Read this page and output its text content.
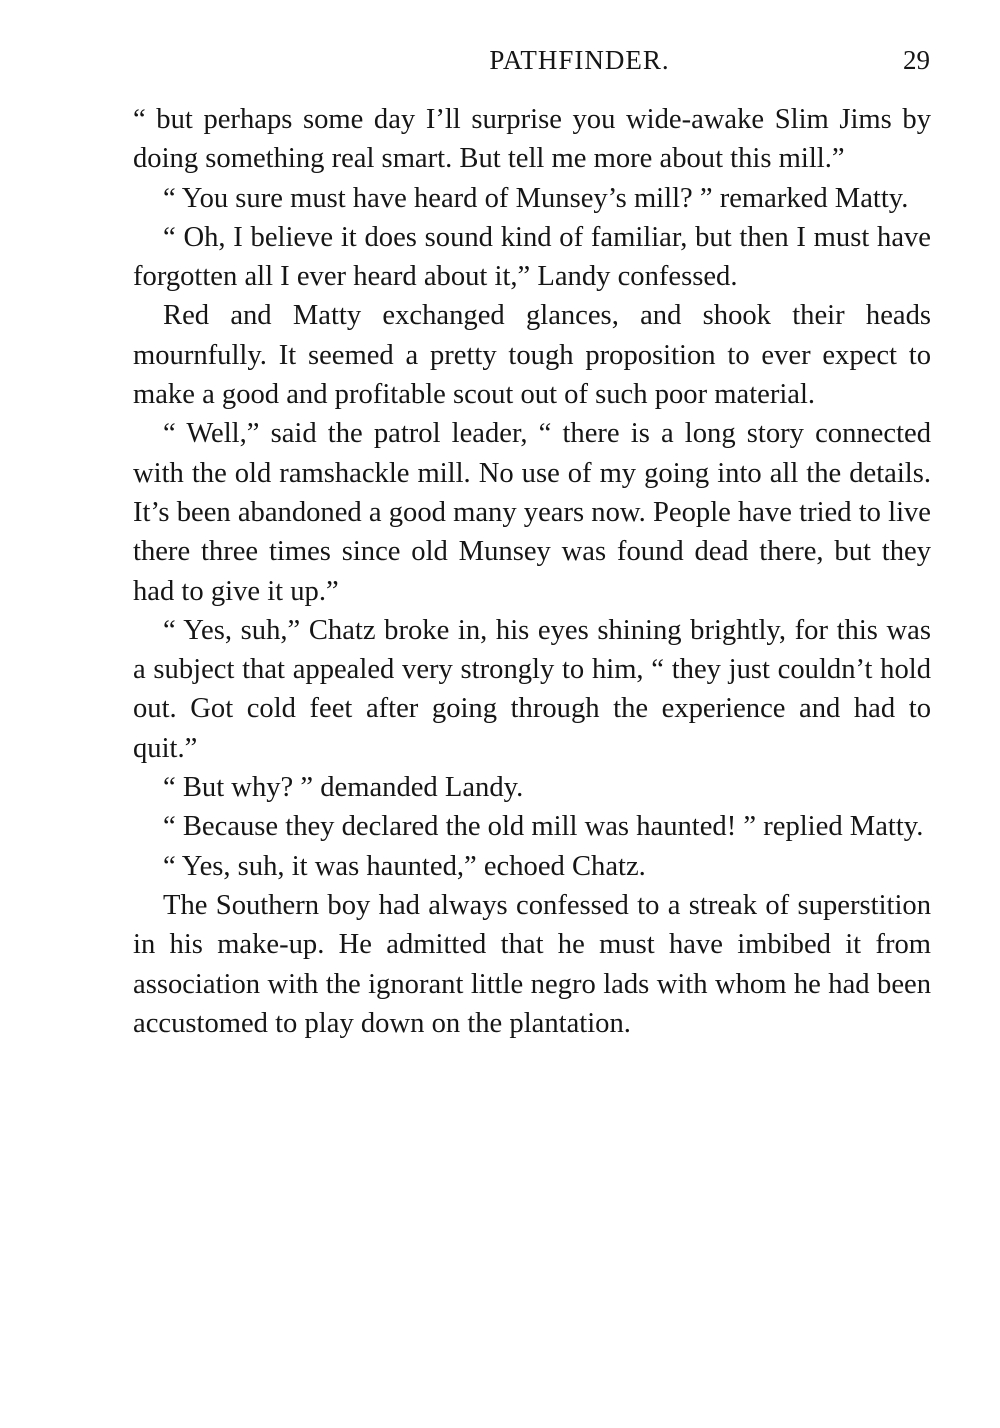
PATHFINDER.	29

“ but perhaps some day I’ll surprise you wide-awake Slim Jims by doing something real smart. But tell me more about this mill.”

“ You sure must have heard of Munsey’s mill? ” remarked Matty.

“ Oh, I believe it does sound kind of familiar, but then I must have forgotten all I ever heard about it,” Landy confessed.

Red and Matty exchanged glances, and shook their heads mournfully. It seemed a pretty tough proposition to ever expect to make a good and profitable scout out of such poor material.

“ Well,” said the patrol leader, “ there is a long story connected with the old ramshackle mill. No use of my going into all the details. It’s been abandoned a good many years now. People have tried to live there three times since old Munsey was found dead there, but they had to give it up.”

“ Yes, suh,” Chatz broke in, his eyes shining brightly, for this was a subject that appealed very strongly to him, “ they just couldn’t hold out. Got cold feet after going through the experience and had to quit.”

“ But why? ” demanded Landy.

“ Because they declared the old mill was haunted! ” replied Matty.

“ Yes, suh, it was haunted,” echoed Chatz.

The Southern boy had always confessed to a streak of superstition in his make-up. He admitted that he must have imbibed it from association with the ignorant little negro lads with whom he had been accustomed to play down on the plantation.
